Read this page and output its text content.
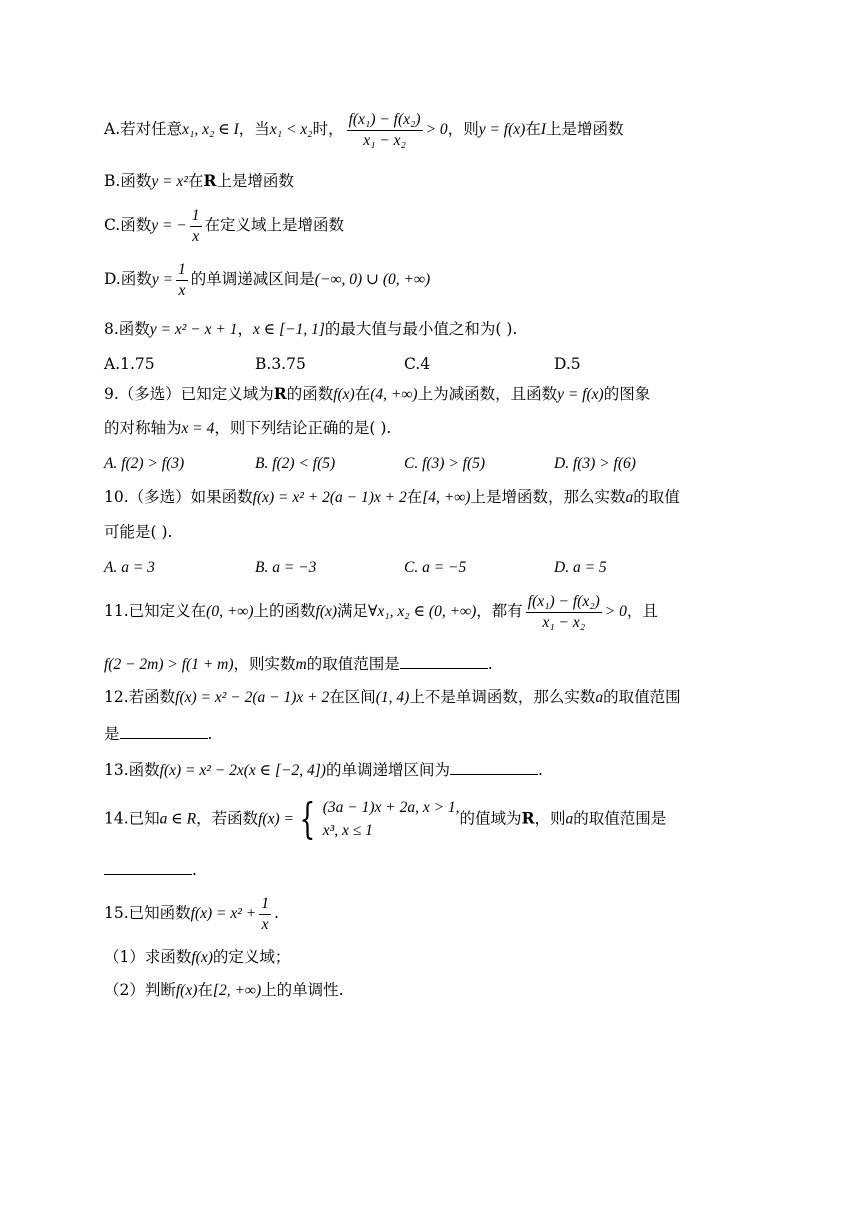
A.若对任意x₁, x₂ ∈ I，当x₁ < x₂时， $\frac{\text{f(x₁) − f(x₂)}}{\text{x₁ − x₂}} > 0$，则y = f(x)在I上是增函数
B.函数y = x²在R上是增函数
C.函数y = − $\frac{1}{x}$ 在定义域上是增函数
D.函数$y = \frac{1}{x}$ 的单调递减区间是(−∞, 0) ∪ (0, +∞)
8.函数y = x² − x + 1，x ∈ [−1, 1]的最大值与最小值之和为( ).
A.1.75	B.3.75	C.4	D.5
9.（多选）已知定义域为R的函数f(x)在(4, +∞)上为减函数，且函数y = f(x)的图象
的对称轴为x = 4，则下列结论正确的是( ).
A. f(2) > f(3)	B. f(2) < f(5)	C. f(3) > f(5)	D. f(3) > f(6)
10.（多选）如果函数f(x) = x² + 2(a − 1)x + 2在[4, +∞)上是增函数，那么实数a的取值
可能是( ).
A. a = 3	B. a = −3	C. a = −5	D. a = 5
11.已知定义在(0, +∞)上的函数f(x)满足∀x₁, x₂ ∈ (0, +∞)，都有 $\frac{\text{f(x₁) − f(x₂)}}{\text{x₁ − x₂}} > 0$，且
f(2 − 2m) > f(1 + m)，则实数m的取值范围是	.
12.若函数f(x) = x² − 2(a − 1)x + 2在区间(1, 4)上不是单调函数，那么实数a的取值范围
是	.
13.函数f(x) = x² − 2x(x ∈ [−2, 4])的单调递增区间为	.
14.已知a ∈ R，若函数f(x) = { (3a − 1)x + 2a, x > 1,
x³, x ≤ 1
的值域为R，则a的取值范围是
.
15.已知函数$f(x) = x^2 + \frac{1}{x}$ .
（1）求函数f(x)的定义域；
（2）判断f(x)在[2, +∞)上的单调性.
